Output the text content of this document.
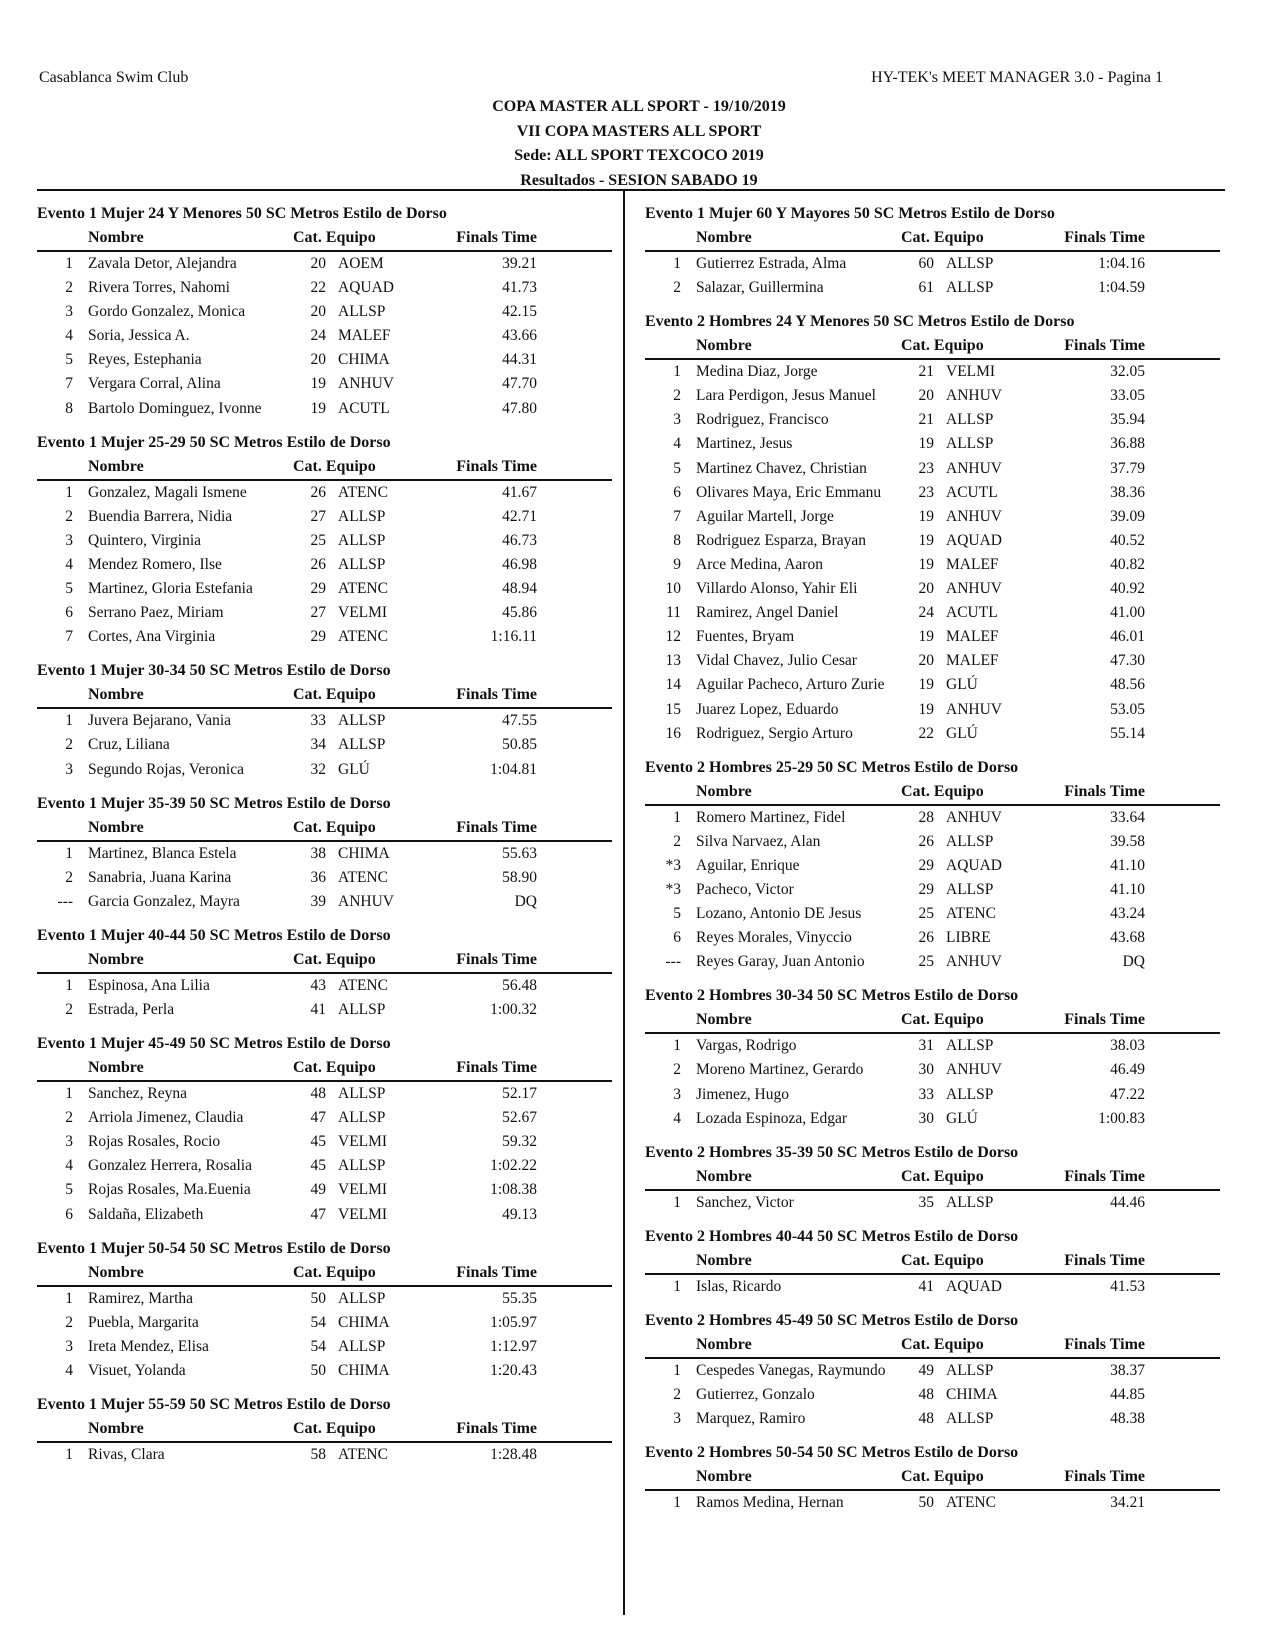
Casablanca Swim Club	HY-TEK's MEET MANAGER 3.0 - Pagina 1
COPA MASTER ALL SPORT - 19/10/2019
VII COPA MASTERS ALL SPORT
Sede: ALL SPORT TEXCOCO 2019
Resultados - SESION SABADO 19
Evento 1 Mujer 24 Y Menores 50 SC Metros Estilo de Dorso
Nombre	Cat. Equipo	Finals Time
1 Zavala Detor, Alejandra	20 AOEM	39.21
2 Rivera Torres, Nahomi	22 AQUAD	41.73
3 Gordo Gonzalez, Monica	20 ALLSP	42.15
4 Soria, Jessica A.	24 MALEF	43.66
5 Reyes, Estephania	20 CHIMA	44.31
7 Vergara Corral, Alina	19 ANHUV	47.70
8 Bartolo Dominguez, Ivonne	19 ACUTL	47.80
Evento 1 Mujer 25-29 50 SC Metros Estilo de Dorso
Nombre	Cat. Equipo	Finals Time
1 Gonzalez, Magali Ismene	26 ATENC	41.67
2 Buendia Barrera, Nidia	27 ALLSP	42.71
3 Quintero, Virginia	25 ALLSP	46.73
4 Mendez Romero, Ilse	26 ALLSP	46.98
5 Martinez, Gloria Estefania	29 ATENC	48.94
6 Serrano Paez, Miriam	27 VELMI	45.86
7 Cortes, Ana Virginia	29 ATENC	1:16.11
Evento 1 Mujer 30-34 50 SC Metros Estilo de Dorso
Nombre	Cat. Equipo	Finals Time
1 Juvera Bejarano, Vania	33 ALLSP	47.55
2 Cruz, Liliana	34 ALLSP	50.85
3 Segundo Rojas, Veronica	32 GLÚ	1:04.81
Evento 1 Mujer 35-39 50 SC Metros Estilo de Dorso
Nombre	Cat. Equipo	Finals Time
1 Martinez, Blanca Estela	38 CHIMA	55.63
2 Sanabria, Juana Karina	36 ATENC	58.90
--- Garcia Gonzalez, Mayra	39 ANHUV	DQ
Evento 1 Mujer 40-44 50 SC Metros Estilo de Dorso
Nombre	Cat. Equipo	Finals Time
1 Espinosa, Ana Lilia	43 ATENC	56.48
2 Estrada, Perla	41 ALLSP	1:00.32
Evento 1 Mujer 45-49 50 SC Metros Estilo de Dorso
Nombre	Cat. Equipo	Finals Time
1 Sanchez, Reyna	48 ALLSP	52.17
2 Arriola Jimenez, Claudia	47 ALLSP	52.67
3 Rojas Rosales, Rocio	45 VELMI	59.32
4 Gonzalez Herrera, Rosalia	45 ALLSP	1:02.22
5 Rojas Rosales, Ma.Euenia	49 VELMI	1:08.38
6 Saldaña, Elizabeth	47 VELMI	49.13
Evento 1 Mujer 50-54 50 SC Metros Estilo de Dorso
Nombre	Cat. Equipo	Finals Time
1 Ramirez, Martha	50 ALLSP	55.35
2 Puebla, Margarita	54 CHIMA	1:05.97
3 Ireta Mendez, Elisa	54 ALLSP	1:12.97
4 Visuet, Yolanda	50 CHIMA	1:20.43
Evento 1 Mujer 55-59 50 SC Metros Estilo de Dorso
Nombre	Cat. Equipo	Finals Time
1 Rivas, Clara	58 ATENC	1:28.48
Evento 1 Mujer 60 Y Mayores 50 SC Metros Estilo de Dorso
Nombre	Cat. Equipo	Finals Time
1 Gutierrez Estrada, Alma	60 ALLSP	1:04.16
2 Salazar, Guillermina	61 ALLSP	1:04.59
Evento 2 Hombres 24 Y Menores 50 SC Metros Estilo de Dorso
Nombre	Cat. Equipo	Finals Time
1 Medina Diaz, Jorge	21 VELMI	32.05
2 Lara Perdigon, Jesus Manuel	20 ANHUV	33.05
3 Rodriguez, Francisco	21 ALLSP	35.94
4 Martinez, Jesus	19 ALLSP	36.88
5 Martinez Chavez, Christian	23 ANHUV	37.79
6 Olivares Maya, Eric Emmanu	23 ACUTL	38.36
7 Aguilar Martell, Jorge	19 ANHUV	39.09
8 Rodriguez Esparza, Brayan	19 AQUAD	40.52
9 Arce Medina, Aaron	19 MALEF	40.82
10 Villardo Alonso, Yahir Eli	20 ANHUV	40.92
11 Ramirez, Angel Daniel	24 ACUTL	41.00
12 Fuentes, Bryam	19 MALEF	46.01
13 Vidal Chavez, Julio Cesar	20 MALEF	47.30
14 Aguilar Pacheco, Arturo Zurie	19 GLÚ	48.56
15 Juarez Lopez, Eduardo	19 ANHUV	53.05
16 Rodriguez, Sergio Arturo	22 GLÚ	55.14
Evento 2 Hombres 25-29 50 SC Metros Estilo de Dorso
Nombre	Cat. Equipo	Finals Time
1 Romero Martinez, Fidel	28 ANHUV	33.64
2 Silva Narvaez, Alan	26 ALLSP	39.58
*3 Aguilar, Enrique	29 AQUAD	41.10
*3 Pacheco, Victor	29 ALLSP	41.10
5 Lozano, Antonio DE Jesus	25 ATENC	43.24
6 Reyes Morales, Vinyccio	26 LIBRE	43.68
--- Reyes Garay, Juan Antonio	25 ANHUV	DQ
Evento 2 Hombres 30-34 50 SC Metros Estilo de Dorso
Nombre	Cat. Equipo	Finals Time
1 Vargas, Rodrigo	31 ALLSP	38.03
2 Moreno Martinez, Gerardo	30 ANHUV	46.49
3 Jimenez, Hugo	33 ALLSP	47.22
4 Lozada Espinoza, Edgar	30 GLÚ	1:00.83
Evento 2 Hombres 35-39 50 SC Metros Estilo de Dorso
Nombre	Cat. Equipo	Finals Time
1 Sanchez, Victor	35 ALLSP	44.46
Evento 2 Hombres 40-44 50 SC Metros Estilo de Dorso
Nombre	Cat. Equipo	Finals Time
1 Islas, Ricardo	41 AQUAD	41.53
Evento 2 Hombres 45-49 50 SC Metros Estilo de Dorso
Nombre	Cat. Equipo	Finals Time
1 Cespedes Vanegas, Raymundo	49 ALLSP	38.37
2 Gutierrez, Gonzalo	48 CHIMA	44.85
3 Marquez, Ramiro	48 ALLSP	48.38
Evento 2 Hombres 50-54 50 SC Metros Estilo de Dorso
Nombre	Cat. Equipo	Finals Time
1 Ramos Medina, Hernan	50 ATENC	34.21
